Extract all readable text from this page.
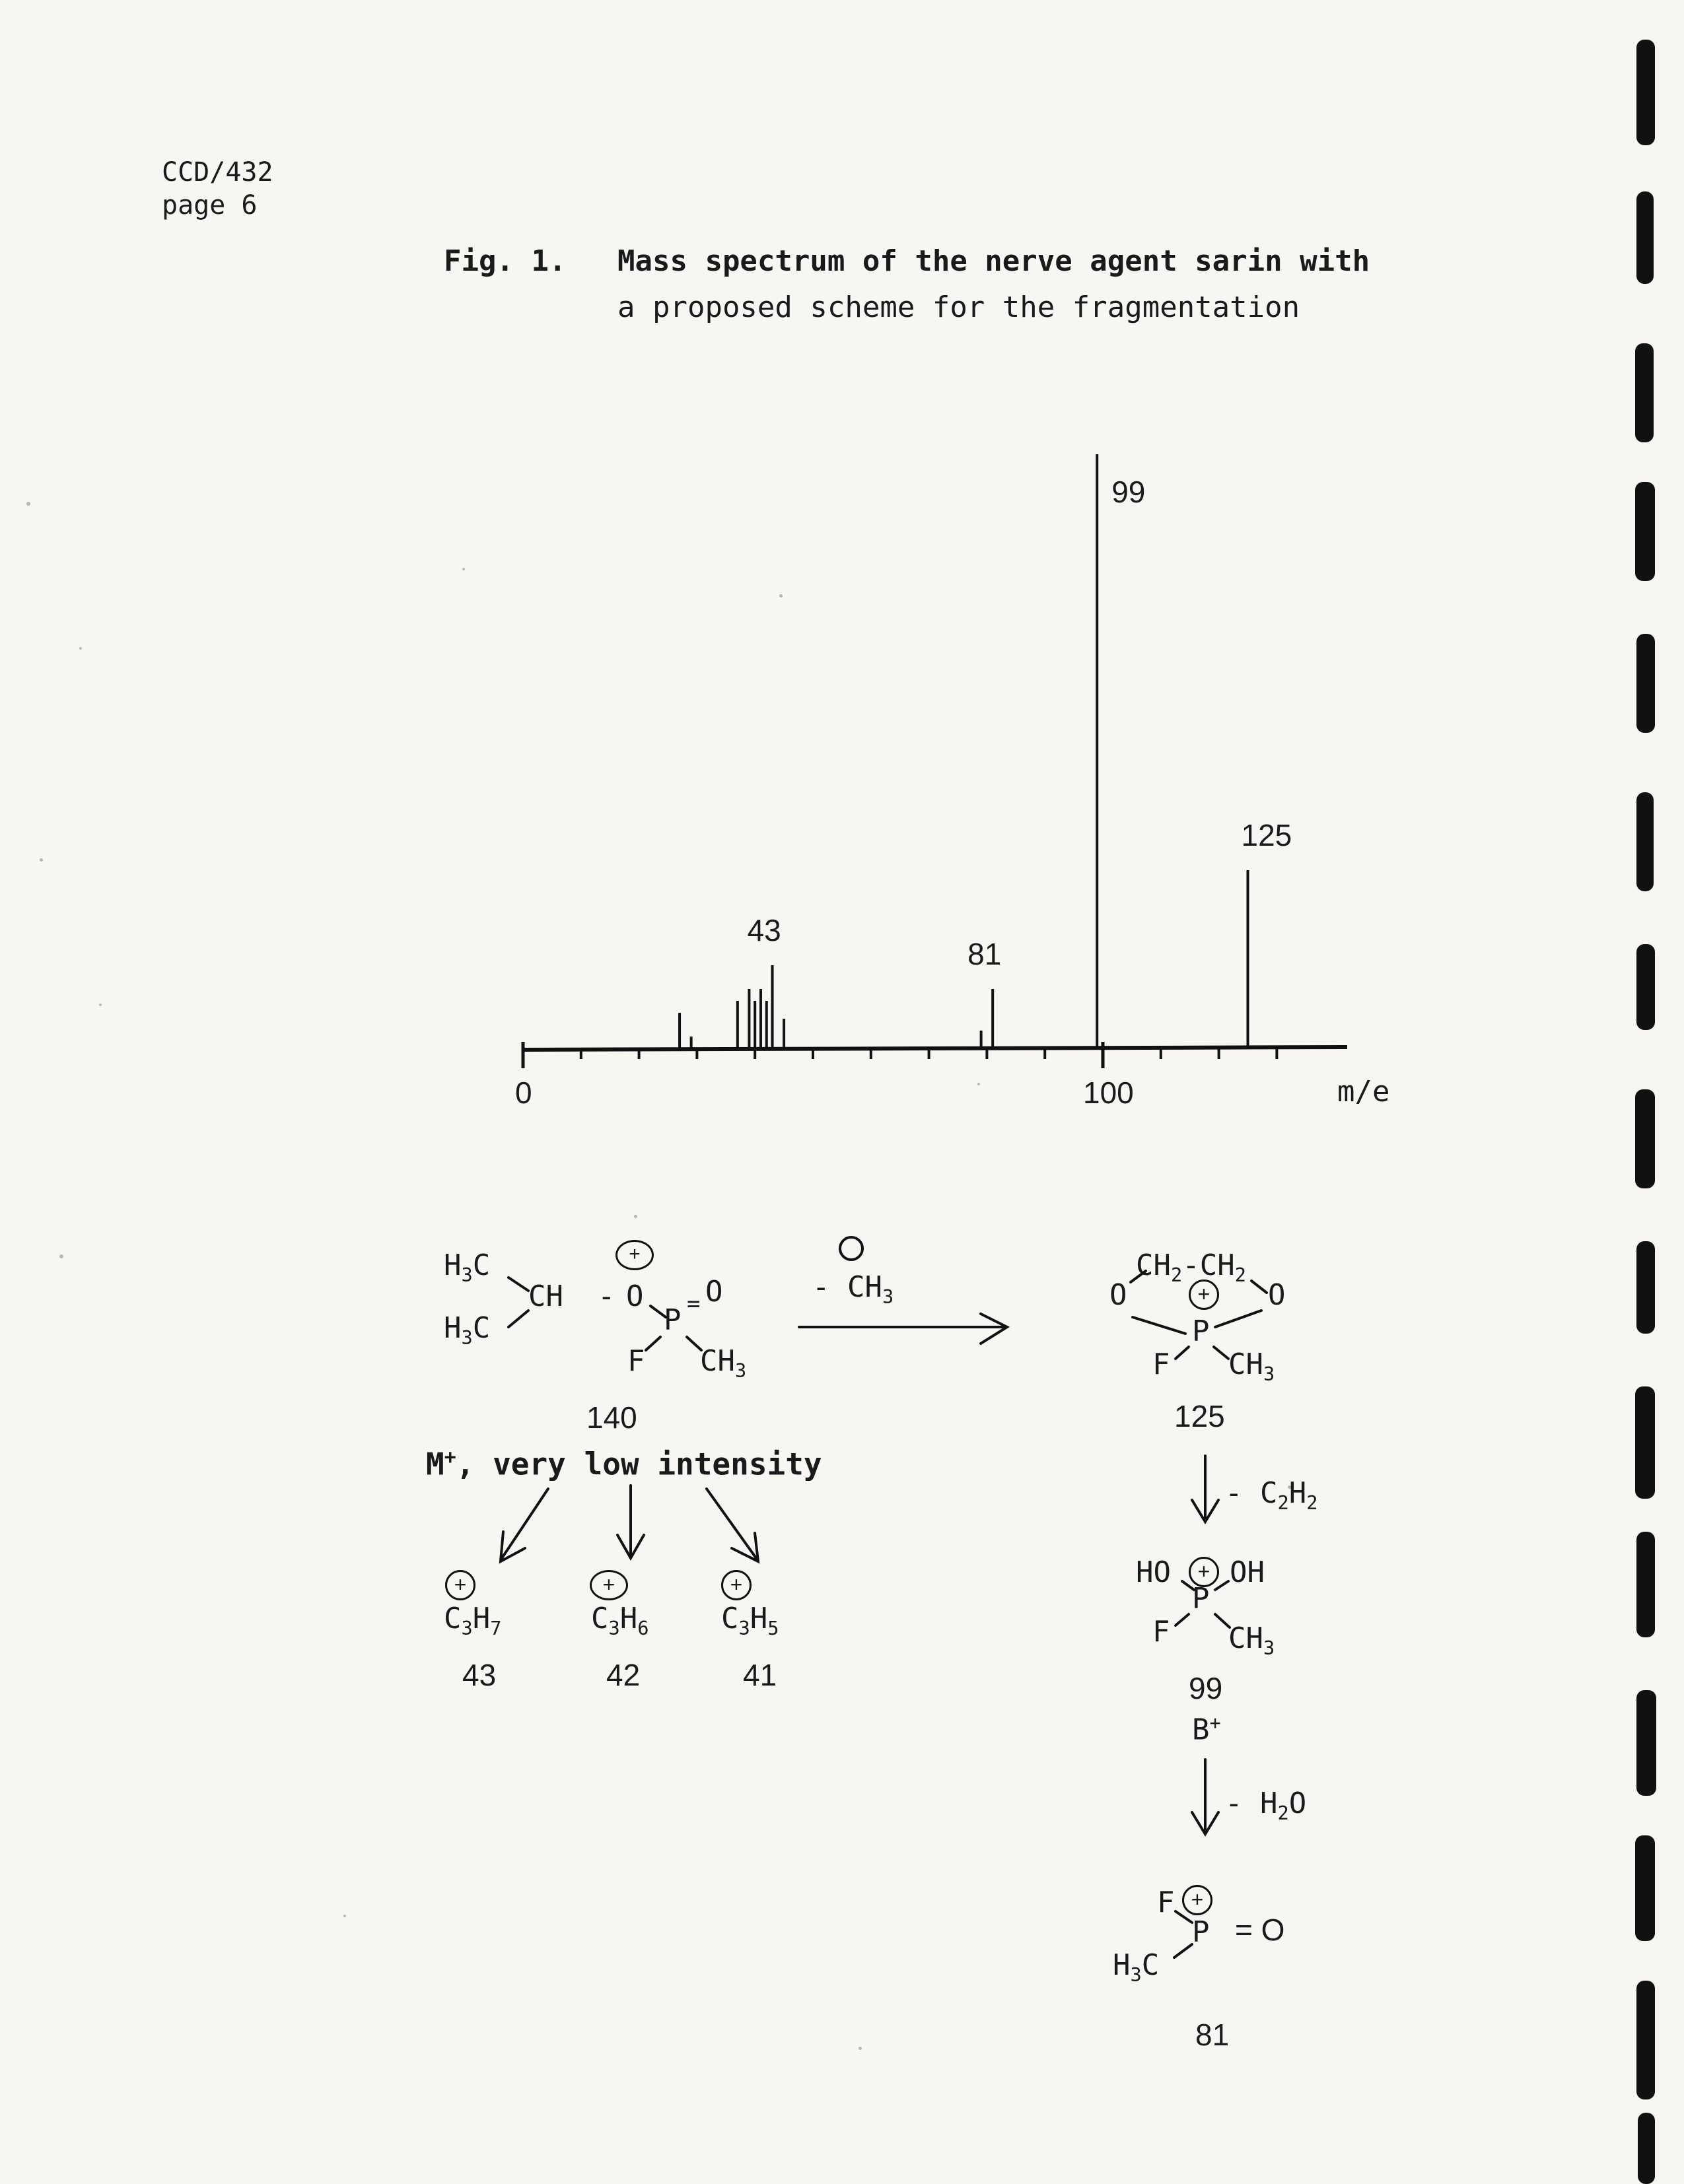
CCD/432
page 6
Fig. 1. Mass spectrum of the nerve agent sarin with
a proposed scheme for the fragmentation
43
81
99
125
0	100	m/e
$H_3C$
$H_3C$
CH - O
+
P = O
F $CH_3$
140
M+, very low intensity
- $CH_3$
$CH_2-CH_2$
O	O
+
P
F $CH_3$
125
- $C_2H_2$
HO	+ OH
P
F $CH_3$
99
B+
- $H_2O$
F +
P = O
$H_3C$
81
+
$C_3H_7$
43
+
$C_3H_6$
42
+
$C_3H_5$
41
